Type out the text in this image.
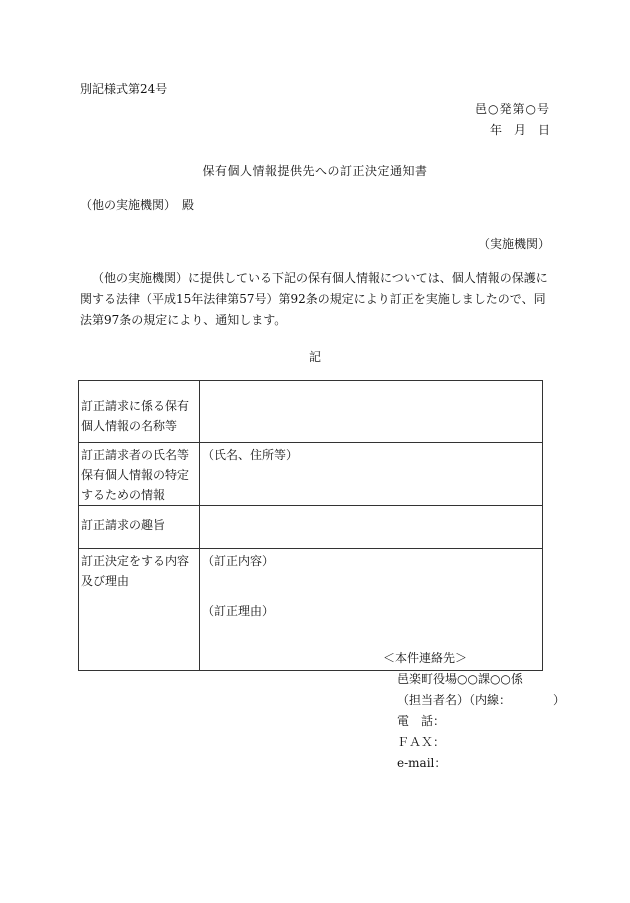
別記様式第24号
邑○発第○号
年　月　日
保有個人情報提供先への訂正決定通知書
（他の実施機関）　殿
（実施機関）
（他の実施機関）に提供している下記の保有個人情報については、個人情報の保護に関する法律（平成15年法律第57号）第92条の規定により訂正を実施しましたので、同法第97条の規定により、通知します。
記
訂正請求に係る保有個人情報の名称等	

訂正請求者の氏名等保有個人情報の特定するための情報	（氏名、住所等）

訂正請求の趣旨	

訂正決定をする内容及び理由	（訂正内容）
（訂正理由）
＜本件連絡先＞
邑楽町役場○○課○○係
（担当者名）（内線：　　　　）
電　話：
ＦＡＸ：
e-mail：
